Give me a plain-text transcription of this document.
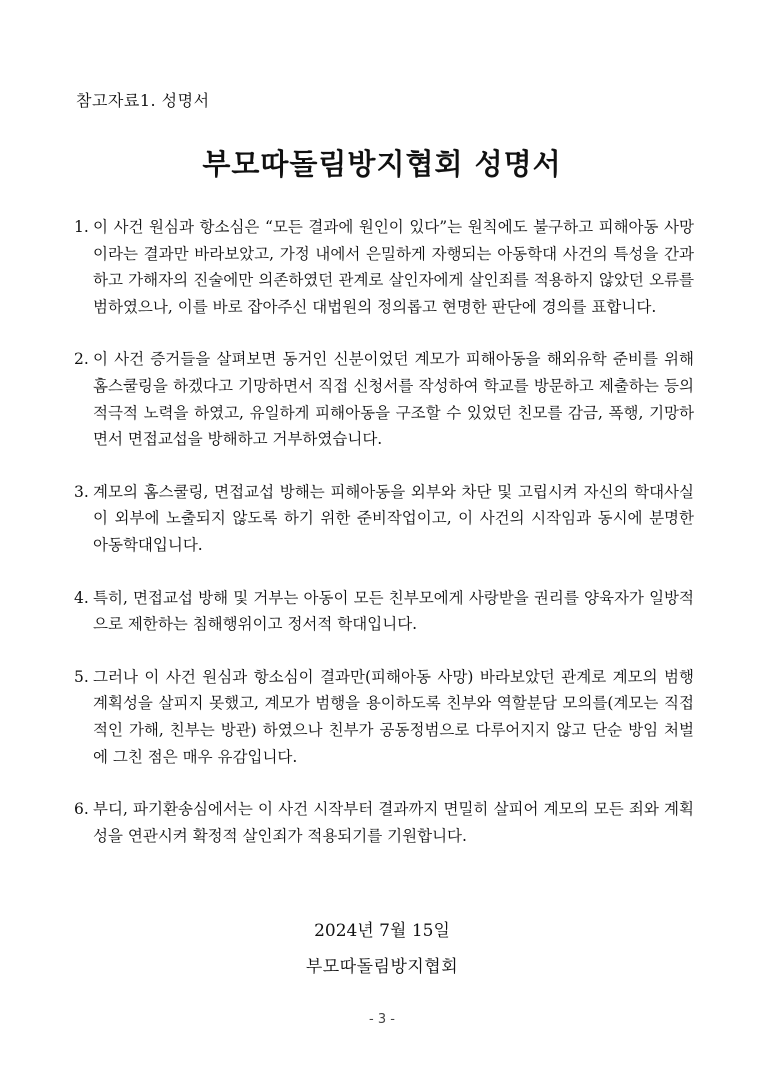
참고자료1. 성명서
부모따돌림방지협회 성명서
1. 이 사건 원심과 항소심은 “모든 결과에 원인이 있다”는 원칙에도 불구하고 피해아동 사망이라는 결과만 바라보았고, 가정 내에서 은밀하게 자행되는 아동학대 사건의 특성을 간과하고 가해자의 진술에만 의존하였던 관계로 살인자에게 살인죄를 적용하지 않았던 오류를 범하였으나, 이를 바로 잡아주신 대법원의 정의롭고 현명한 판단에 경의를 표합니다.
2. 이 사건 증거들을 살펴보면 동거인 신분이었던 계모가 피해아동을 해외유학 준비를 위해 홈스쿨링을 하겠다고 기망하면서 직접 신청서를 작성하여 학교를 방문하고 제출하는 등의 적극적 노력을 하였고, 유일하게 피해아동을 구조할 수 있었던 친모를 감금, 폭행, 기망하면서 면접교섭을 방해하고 거부하였습니다.
3. 계모의 홈스쿨링, 면접교섭 방해는 피해아동을 외부와 차단 및 고립시켜 자신의 학대사실이 외부에 노출되지 않도록 하기 위한 준비작업이고, 이 사건의 시작임과 동시에 분명한 아동학대입니다.
4. 특히, 면접교섭 방해 및 거부는 아동이 모든 친부모에게 사랑받을 권리를 양육자가 일방적으로 제한하는 침해행위이고 정서적 학대입니다.
5. 그러나 이 사건 원심과 항소심이 결과만(피해아동 사망) 바라보았던 관계로 계모의 범행 계획성을 살피지 못했고, 계모가 범행을 용이하도록 친부와 역할분담 모의를(계모는 직접적인 가해, 친부는 방관) 하였으나 친부가 공동정범으로 다루어지지 않고 단순 방임 처벌에 그친 점은 매우 유감입니다.
6. 부디, 파기환송심에서는 이 사건 시작부터 결과까지 면밀히 살피어 계모의 모든 죄와 계획성을 연관시켜 확정적 살인죄가 적용되기를 기원합니다.
2024년 7월 15일
부모따돌림방지협회
- 3 -
